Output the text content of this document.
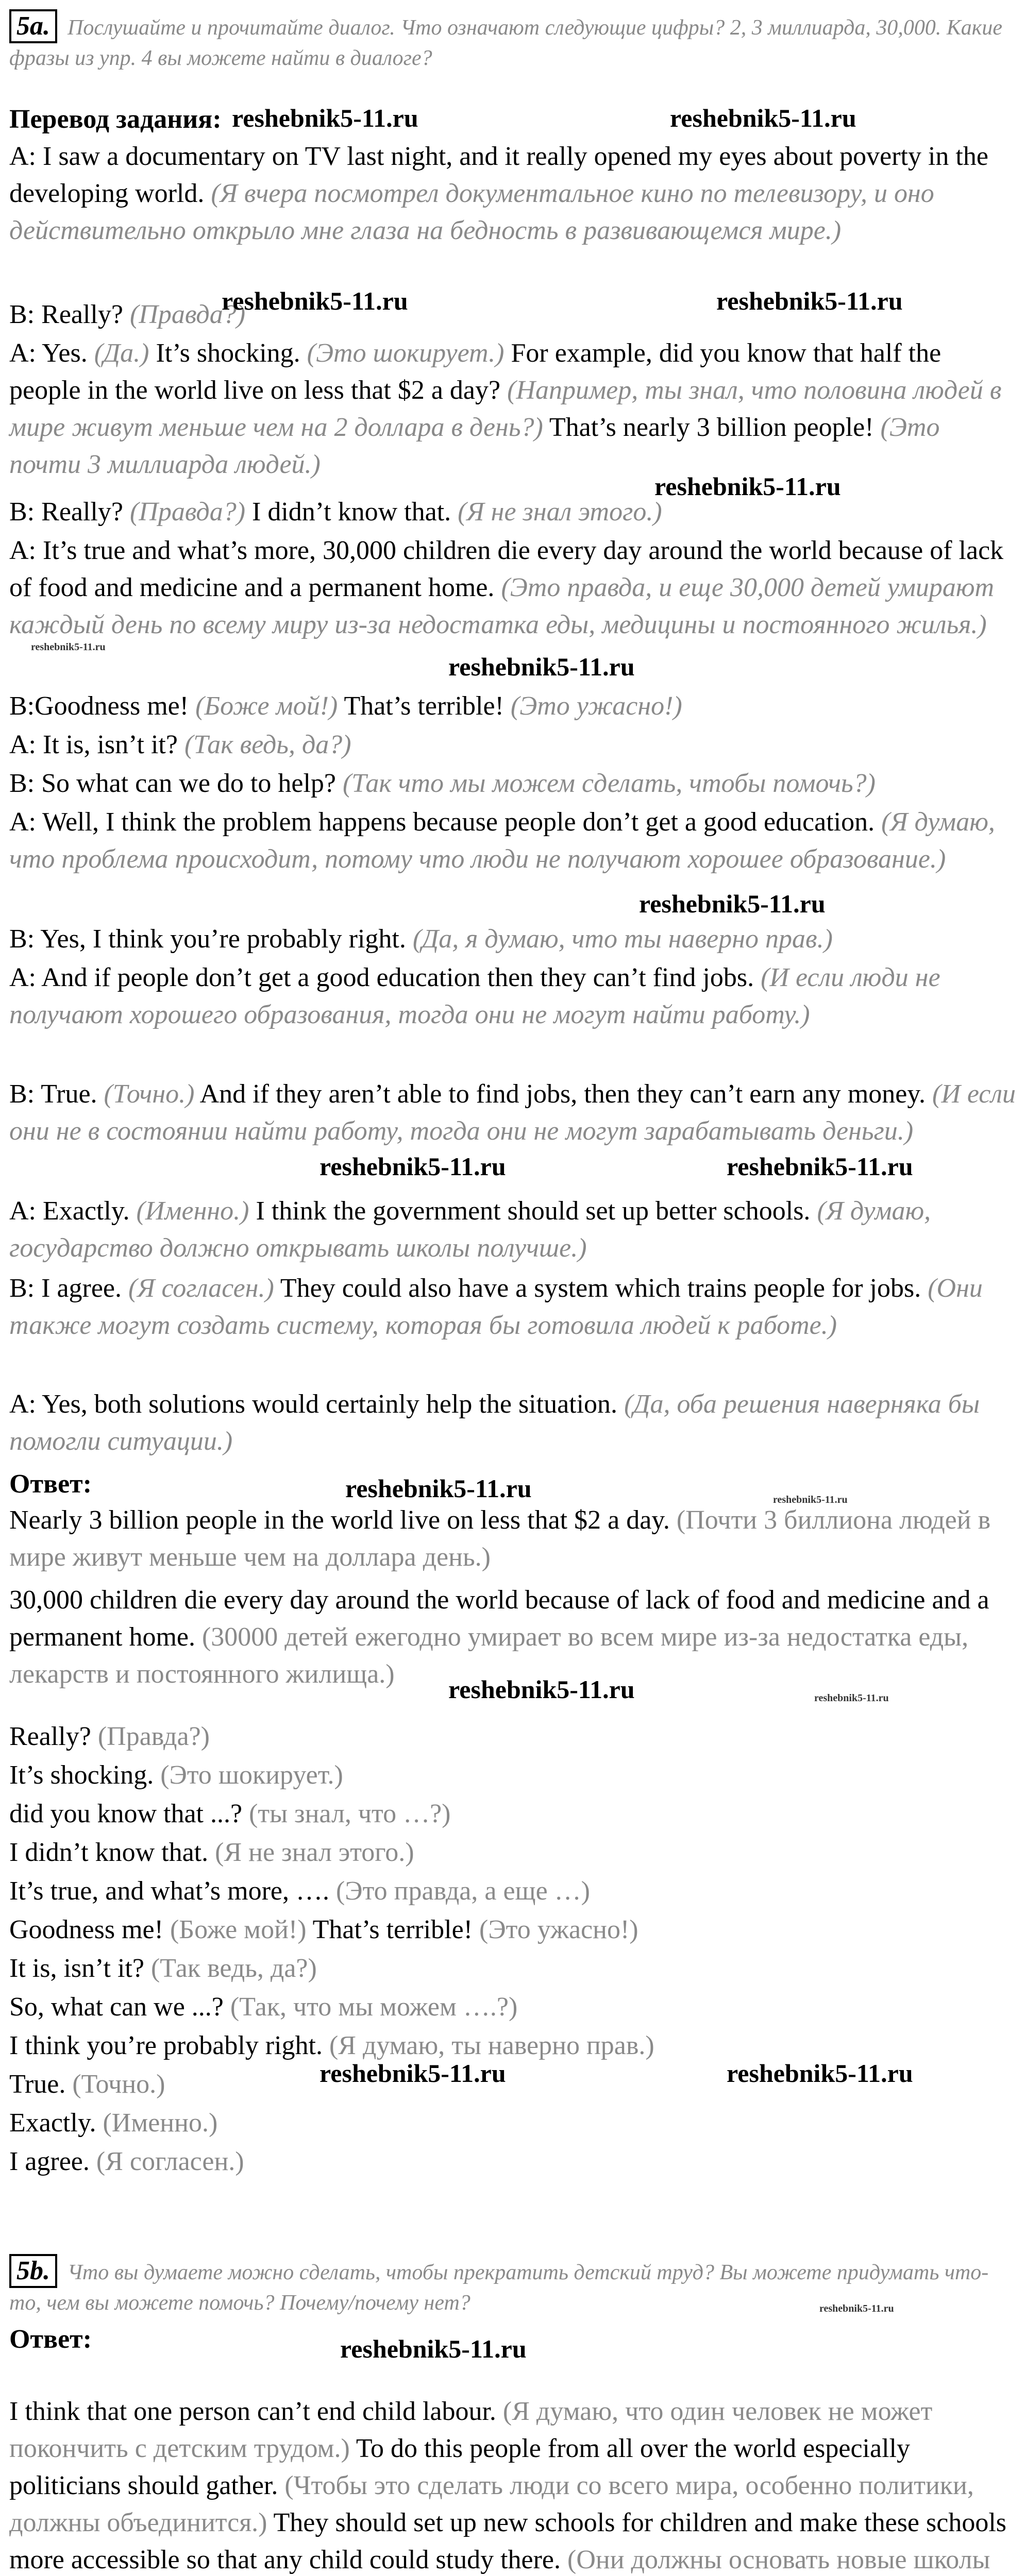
5a. Послушайте и прочитайте диалог. Что означают следующие цифры? 2, 3 миллиарда, 30,000. Какие фразы из упр. 4 вы можете найти в диалоге?
Перевод задания:
A: I saw a documentary on TV last night, and it really opened my eyes about poverty in the developing world. (Я вчера посмотрел документальное кино по телевизору, и оно действительно открыло мне глаза на бедность в развивающемся мире.)
B: Really? (Правда?)
A: Yes. (Да.) It’s shocking. (Это шокирует.) For example, did you know that half the people in the world live on less that $2 a day? (Например, ты знал, что половина людей в мире живут меньше чем на 2 доллара в день?) That’s nearly 3 billion people! (Это почти 3 миллиарда людей.)
B: Really? (Правда?) I didn’t know that. (Я не знал этого.)
A: It’s true and what’s more, 30,000 children die every day around the world because of lack of food and medicine and a permanent home. (Это правда, и еще 30,000 детей умирают каждый день по всему миру из-за недостатка еды, медицины и постоянного жилья.)
B:Goodness me! (Боже мой!) That’s terrible! (Это ужасно!)
A: It is, isn’t it? (Так ведь, да?)
B: So what can we do to help? (Так что мы можем сделать, чтобы помочь?)
A: Well, I think the problem happens because people don’t get a good education. (Я думаю, что проблема происходит, потому что люди не получают хорошее образование.)
B: Yes, I think you’re probably right. (Да, я думаю, что ты наверно прав.)
A: And if people don’t get a good education then they can’t find jobs. (И если люди не получают хорошего образования, тогда они не могут найти работу.)
B: True. (Точно.) And if they aren’t able to find jobs, then they can’t earn any money. (И если они не в состоянии найти работу, тогда они не могут зарабатывать деньги.)
A: Exactly. (Именно.) I think the government should set up better schools. (Я думаю, государство должно открывать школы получше.)
B: I agree. (Я согласен.) They could also have a system which trains people for jobs. (Они также могут создать систему, которая бы готовила людей к работе.)
A: Yes, both solutions would certainly help the situation. (Да, оба решения наверняка бы помогли ситуации.)
Ответ:
Nearly 3 billion people in the world live on less that $2 a day. (Почти 3 биллиона людей в мире живут меньше чем на доллара день.)
30,000 children die every day around the world because of lack of food and medicine and a permanent home. (30000 детей ежегодно умирает во всем мире из-за недостатка еды, лекарств и постоянного жилища.)
Really? (Правда?)
It’s shocking. (Это шокирует.)
did you know that ...? (ты знал, что …?)
I didn’t know that. (Я не знал этого.)
It’s true, and what’s more, …. (Это правда, а еще …)
Goodness me! (Боже мой!) That’s terrible! (Это ужасно!)
It is, isn’t it? (Так ведь, да?)
So, what can we ...? (Так, что мы можем ….?)
I think you’re probably right. (Я думаю, ты наверно прав.)
True. (Точно.)
Exactly. (Именно.)
I agree. (Я согласен.)
5b. Что вы думаете можно сделать, чтобы прекратить детский труд? Вы можете придумать что-то, чем вы можете помочь? Почему/почему нет?
Ответ:
I think that one person can’t end child labour. (Я думаю, что один человек не может покончить с детским трудом.) To do this people from all over the world especially politicians should gather. (Чтобы это сделать люди со всего мира, особенно политики, должны объединится.) They should set up new schools for children and make these schools more accessible so that any child could study there. (Они должны основать новые школы
reshebnik5-11.ru	reshebnik5-11.ru
reshebnik5-11.ru	reshebnik5-11.ru
reshebnik5-11.ru
reshebnik5-11.ru
reshebnik5-11.ru
reshebnik5-11.ru	reshebnik5-11.ru
reshebnik5-11.ru
reshebnik5-11.ru
reshebnik5-11.ru	reshebnik5-11.ru
reshebnik5-11.ru
reshebnik5-11.ru
reshebnik5-11.ru
reshebnik5-11.ru
reshebnik5-11.ru
